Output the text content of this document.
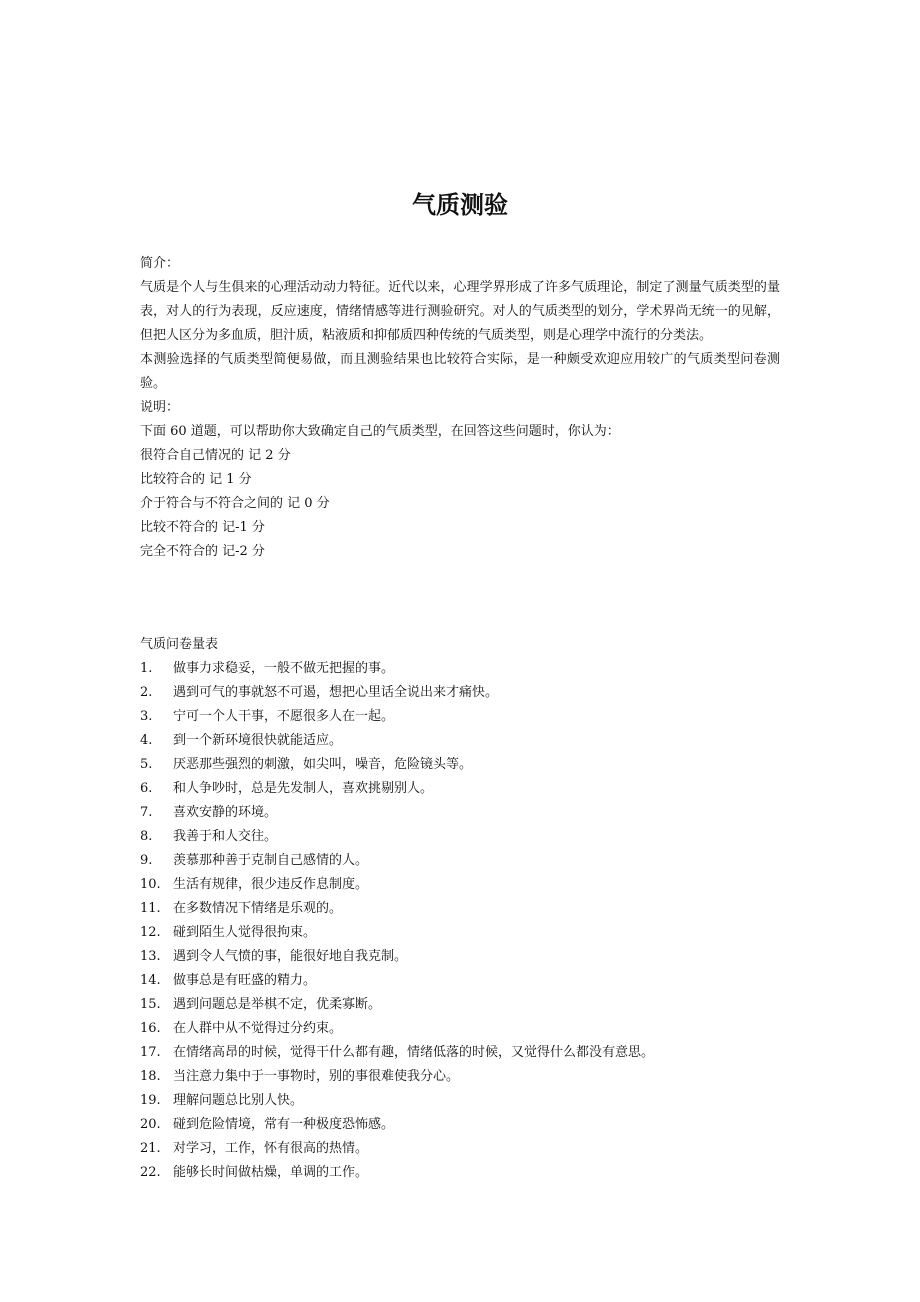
气质测验

简介：

气质是个人与生俱来的心理活动动力特征。近代以来，心理学界形成了许多气质理论，制定了测量气质类型的量表，对人的行为表现，反应速度，情绪情感等进行测验研究。对人的气质类型的划分，学术界尚无统一的见解，但把人区分为多血质，胆汁质，粘液质和抑郁质四种传统的气质类型，则是心理学中流行的分类法。

本测验选择的气质类型简便易做，而且测验结果也比较符合实际，是一种颇受欢迎应用较广的气质类型问卷测验。

说明：

下面 60 道题，可以帮助你大致确定自己的气质类型，在回答这些问题时，你认为：

很符合自己情况的 记 2 分

比较符合的 记 1 分

介于符合与不符合之间的 记 0 分

比较不符合的 记-1 分

完全不符合的 记-2 分

气质问卷量表

1.	做事力求稳妥，一般不做无把握的事。
2.	遇到可气的事就怒不可遏，想把心里话全说出来才痛快。
3.	宁可一个人干事，不愿很多人在一起。
4.	到一个新环境很快就能适应。
5.	厌恶那些强烈的刺激，如尖叫，噪音，危险镜头等。
6.	和人争吵时，总是先发制人，喜欢挑剔别人。
7.	喜欢安静的环境。
8.	我善于和人交往。
9.	羡慕那种善于克制自己感情的人。
10. 生活有规律，很少违反作息制度。
11. 在多数情况下情绪是乐观的。
12. 碰到陌生人觉得很拘束。
13. 遇到令人气愤的事，能很好地自我克制。
14. 做事总是有旺盛的精力。
15. 遇到问题总是举棋不定，优柔寡断。
16. 在人群中从不觉得过分约束。
17. 在情绪高昂的时候，觉得干什么都有趣，情绪低落的时候，又觉得什么都没有意思。
18. 当注意力集中于一事物时，别的事很难使我分心。
19. 理解问题总比别人快。
20. 碰到危险情境，常有一种极度恐怖感。
21. 对学习，工作，怀有很高的热情。
22. 能够长时间做枯燥，单调的工作。
